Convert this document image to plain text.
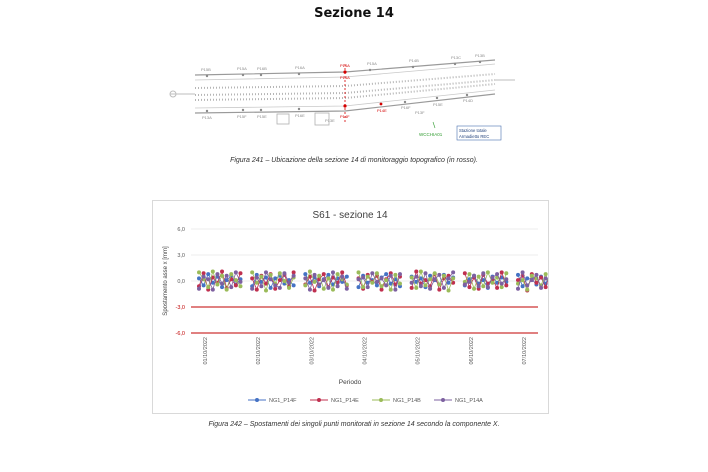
Sezione 14
P15B	P15A	P16B	P16A
P15A
P14B
P13C	P13B
P13A	P15F	P15E	P16E
P16F
P15E
P14D
P13E
P13F
P14A
P14A
P14E
P14F
WCCHIA01
Stazione totale
Armadietto REC
Figura 241 – Ubicazione della sezione 14 di monitoraggio topografico (in rosso).
S61 - sezione 14
Spostamento asse x [mm]
Periodo
6,0
3,0
0,0
-3,0
-6,0
01/10/2022	02/10/2022	03/10/2022	04/10/2022	05/10/2022	06/10/2022	07/10/2022
NG1_P14F	NG1_P14E	NG1_P14B	NG1_P14A
Figura 242 – Spostamenti dei singoli punti monitorati in sezione 14 secondo la componente X.
